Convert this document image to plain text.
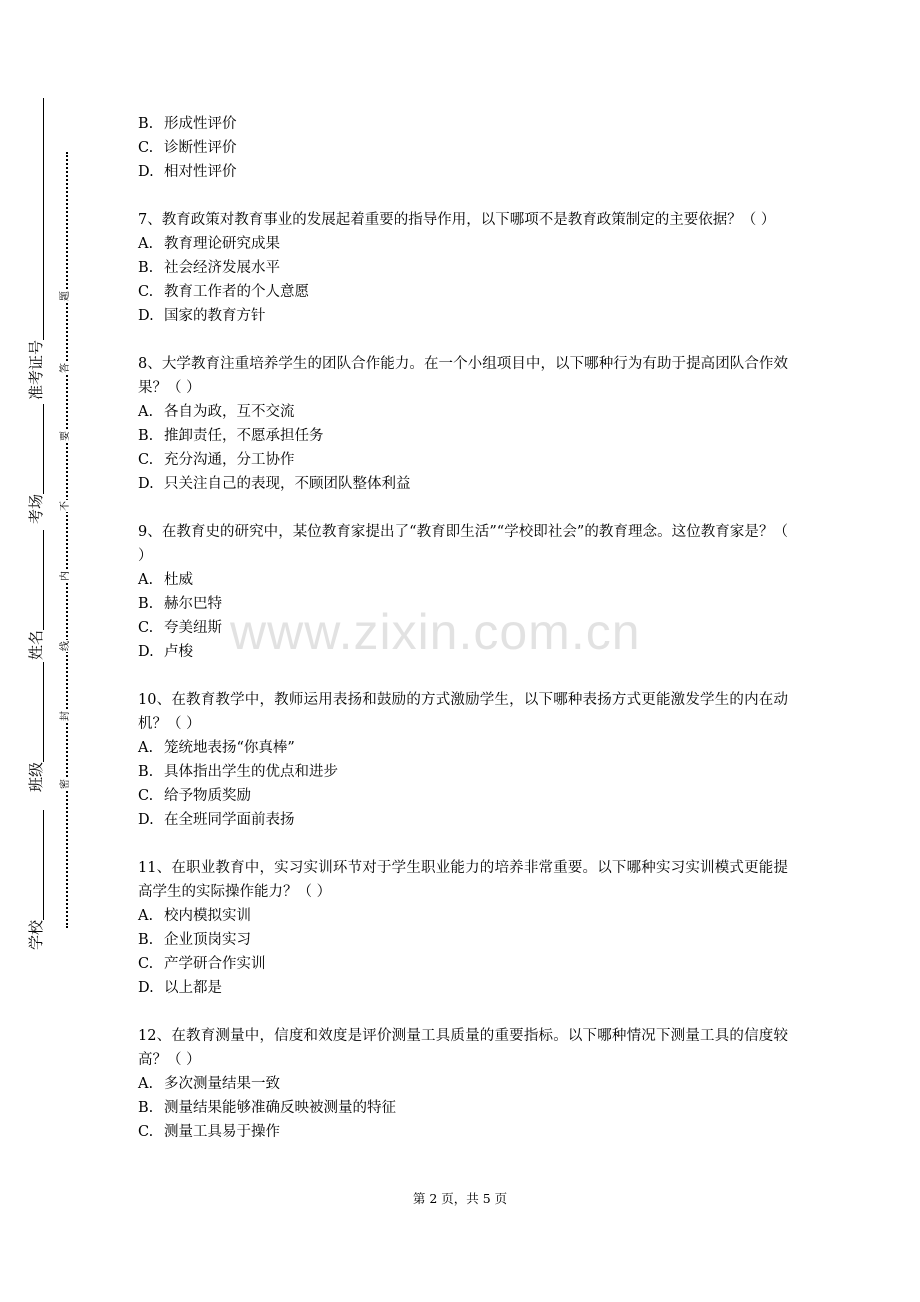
准考证号
考场
姓名
班级
学校
题
答
要
不
内
线
封
密
www.zixin.com.cn
B. 形成性评价
C. 诊断性评价
D. 相对性评价
7、教育政策对教育事业的发展起着重要的指导作用，以下哪项不是教育政策制定的主要依据？（ ）
A. 教育理论研究成果
B. 社会经济发展水平
C. 教育工作者的个人意愿
D. 国家的教育方针
8、大学教育注重培养学生的团队合作能力。在一个小组项目中，以下哪种行为有助于提高团队合作效果？（ ）
A. 各自为政，互不交流
B. 推卸责任，不愿承担任务
C. 充分沟通，分工协作
D. 只关注自己的表现，不顾团队整体利益
9、在教育史的研究中，某位教育家提出了“教育即生活”“学校即社会”的教育理念。这位教育家是？（ ）
A. 杜威
B. 赫尔巴特
C. 夸美纽斯
D. 卢梭
10、在教育教学中，教师运用表扬和鼓励的方式激励学生，以下哪种表扬方式更能激发学生的内在动机？（ ）
A. 笼统地表扬“你真棒”
B. 具体指出学生的优点和进步
C. 给予物质奖励
D. 在全班同学面前表扬
11、在职业教育中，实习实训环节对于学生职业能力的培养非常重要。以下哪种实习实训模式更能提高学生的实际操作能力？（ ）
A. 校内模拟实训
B. 企业顶岗实习
C. 产学研合作实训
D. 以上都是
12、在教育测量中，信度和效度是评价测量工具质量的重要指标。以下哪种情况下测量工具的信度较高？（ ）
A. 多次测量结果一致
B. 测量结果能够准确反映被测量的特征
C. 测量工具易于操作
第 2 页，共 5 页
